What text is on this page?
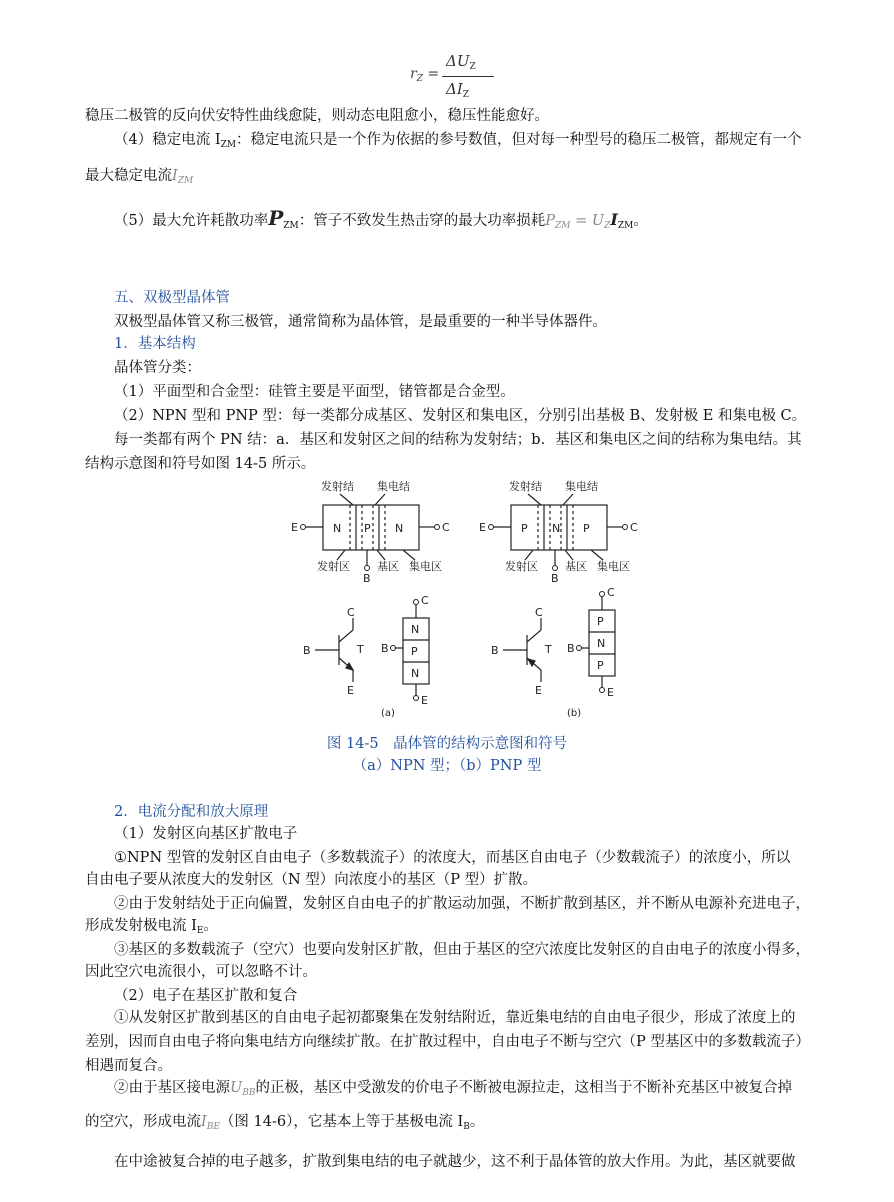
$r_Z$ =
$\Delta U_Z$
$\Delta I_Z$
稳压二极管的反向伏安特性曲线愈陡，则动态电阻愈小，稳压性能愈好。
（4）稳定电流 $I_{ZM}$：稳定电流只是一个作为依据的参号数值，但对每一种型号的稳压二极管，都规定有一个
最大稳定电流$I_{ZM}$
（5）最大允许耗散功率$P_{ZM}$：管子不致发生热击穿的最大功率损耗$P_{ZM} = U_ZI_{ZM}$。
五、双极型晶体管
双极型晶体管又称三极管，通常简称为晶体管，是最重要的一种半导体器件。
1．基本结构
晶体管分类：
（1）平面型和合金型：硅管主要是平面型，锗管都是合金型。
（2）NPN 型和 PNP 型：每一类都分成基区、发射区和集电区，分别引出基极 B、发射极 E 和集电极 C。
每一类都有两个 PN 结：a．基区和发射区之间的结称为发射结；b．基区和集电区之间的结称为集电结。其
结构示意图和符号如图 14-5 所示。
发射结 集电结
E	C
N P N
发射区 基区 集电区
B
发射结 集电结
E	C
P N P
发射区 基区 集电区
B
C
T
B
E
C
B
E
N
P
N
C
T
B
E
C
B
E
P
N
P
(a)	(b)
图 14-5　晶体管的结构示意图和符号
（a）NPN 型；（b）PNP 型
2．电流分配和放大原理
（1）发射区向基区扩散电子
①NPN 型管的发射区自由电子（多数载流子）的浓度大，而基区自由电子（少数载流子）的浓度小，所以
自由电子要从浓度大的发射区（N 型）向浓度小的基区（P 型）扩散。
②由于发射结处于正向偏置，发射区自由电子的扩散运动加强，不断扩散到基区，并不断从电源补充进电子，
形成发射极电流 $I_E$。
③基区的多数载流子（空穴）也要向发射区扩散，但由于基区的空穴浓度比发射区的自由电子的浓度小得多，
因此空穴电流很小，可以忽略不计。
（2）电子在基区扩散和复合
①从发射区扩散到基区的自由电子起初都聚集在发射结附近，靠近集电结的自由电子很少，形成了浓度上的
差别，因而自由电子将向集电结方向继续扩散。在扩散过程中，自由电子不断与空穴（P 型基区中的多数载流子）
相遇而复合。
②由于基区接电源$U_{BB}$的正极，基区中受激发的价电子不断被电源拉走，这相当于不断补充基区中被复合掉
的空穴，形成电流$I_{BE}$（图 14-6），它基本上等于基极电流 $I_B$。
在中途被复合掉的电子越多，扩散到集电结的电子就越少，这不利于晶体管的放大作用。为此，基区就要做
